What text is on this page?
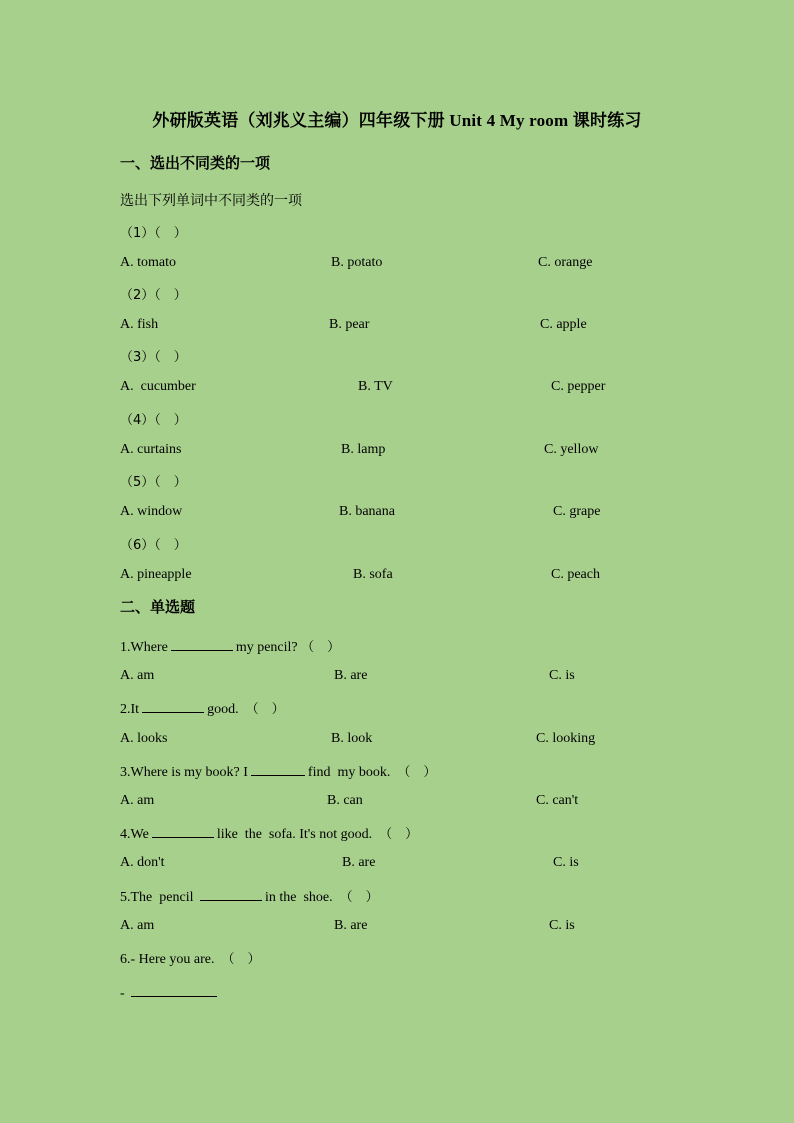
外研版英语（刘兆义主编）四年级下册 Unit 4 My room 课时练习
一、选出不同类的一项
选出下列单词中不同类的一项
（1）（　）
A. tomato	B. potato	C. orange
（2）（　）
A. fish	B. pear	C. apple
（3）（　）
A.  cucumber	B. TV	C. pepper
（4）（　）
A. curtains	B. lamp	C. yellow
（5）（　）
A. window	B. banana	C. grape
（6）（　）
A. pineapple	B. sofa	C. peach
二、单选题
1.Where	my pencil? （　）
A. am	B. are	C. is
2.It	good. （　）
A. looks	B. look	C. looking
3.Where is my book? I	find  my book. （　）
A. am	B. can	C. can't
4.We	like  the  sofa. It's not good. （　）
A. don't	B. are	C. is
5.The  pencil	in the  shoe. （　）
A. am	B. are	C. is
6.- Here you are. （　）
-
